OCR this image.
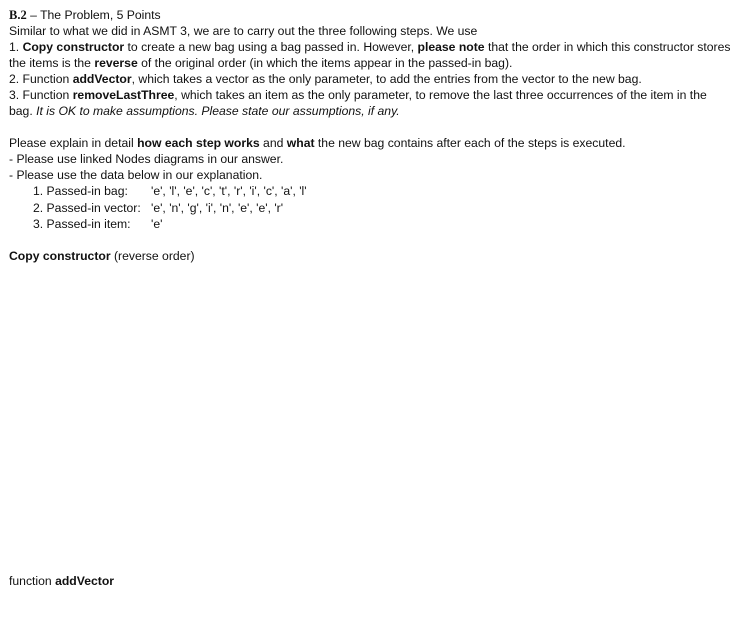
B.2 – The Problem, 5 Points
Similar to what we did in ASMT 3, we are to carry out the three following steps. We use
1. Copy constructor to create a new bag using a bag passed in. However, please note that the order in which this constructor stores
the items is the reverse of the original order (in which the items appear in the passed-in bag).
2. Function addVector, which takes a vector as the only parameter, to add the entries from the vector to the new bag.
3. Function removeLastThree, which takes an item as the only parameter, to remove the last three occurrences of the item in the
bag. It is OK to make assumptions. Please state our assumptions, if any.
Please explain in detail how each step works and what the new bag contains after each of the steps is executed.
- Please use linked Nodes diagrams in our answer.
- Please use the data below in our explanation.
1. Passed-in bag: 'e', 'l', 'e', 'c', 't', 'r', 'i', 'c', 'a', 'l'
2. Passed-in vector: 'e', 'n', 'g', 'i', 'n', 'e', 'e', 'r'
3. Passed-in item: 'e'
Copy constructor (reverse order)
function addVector
